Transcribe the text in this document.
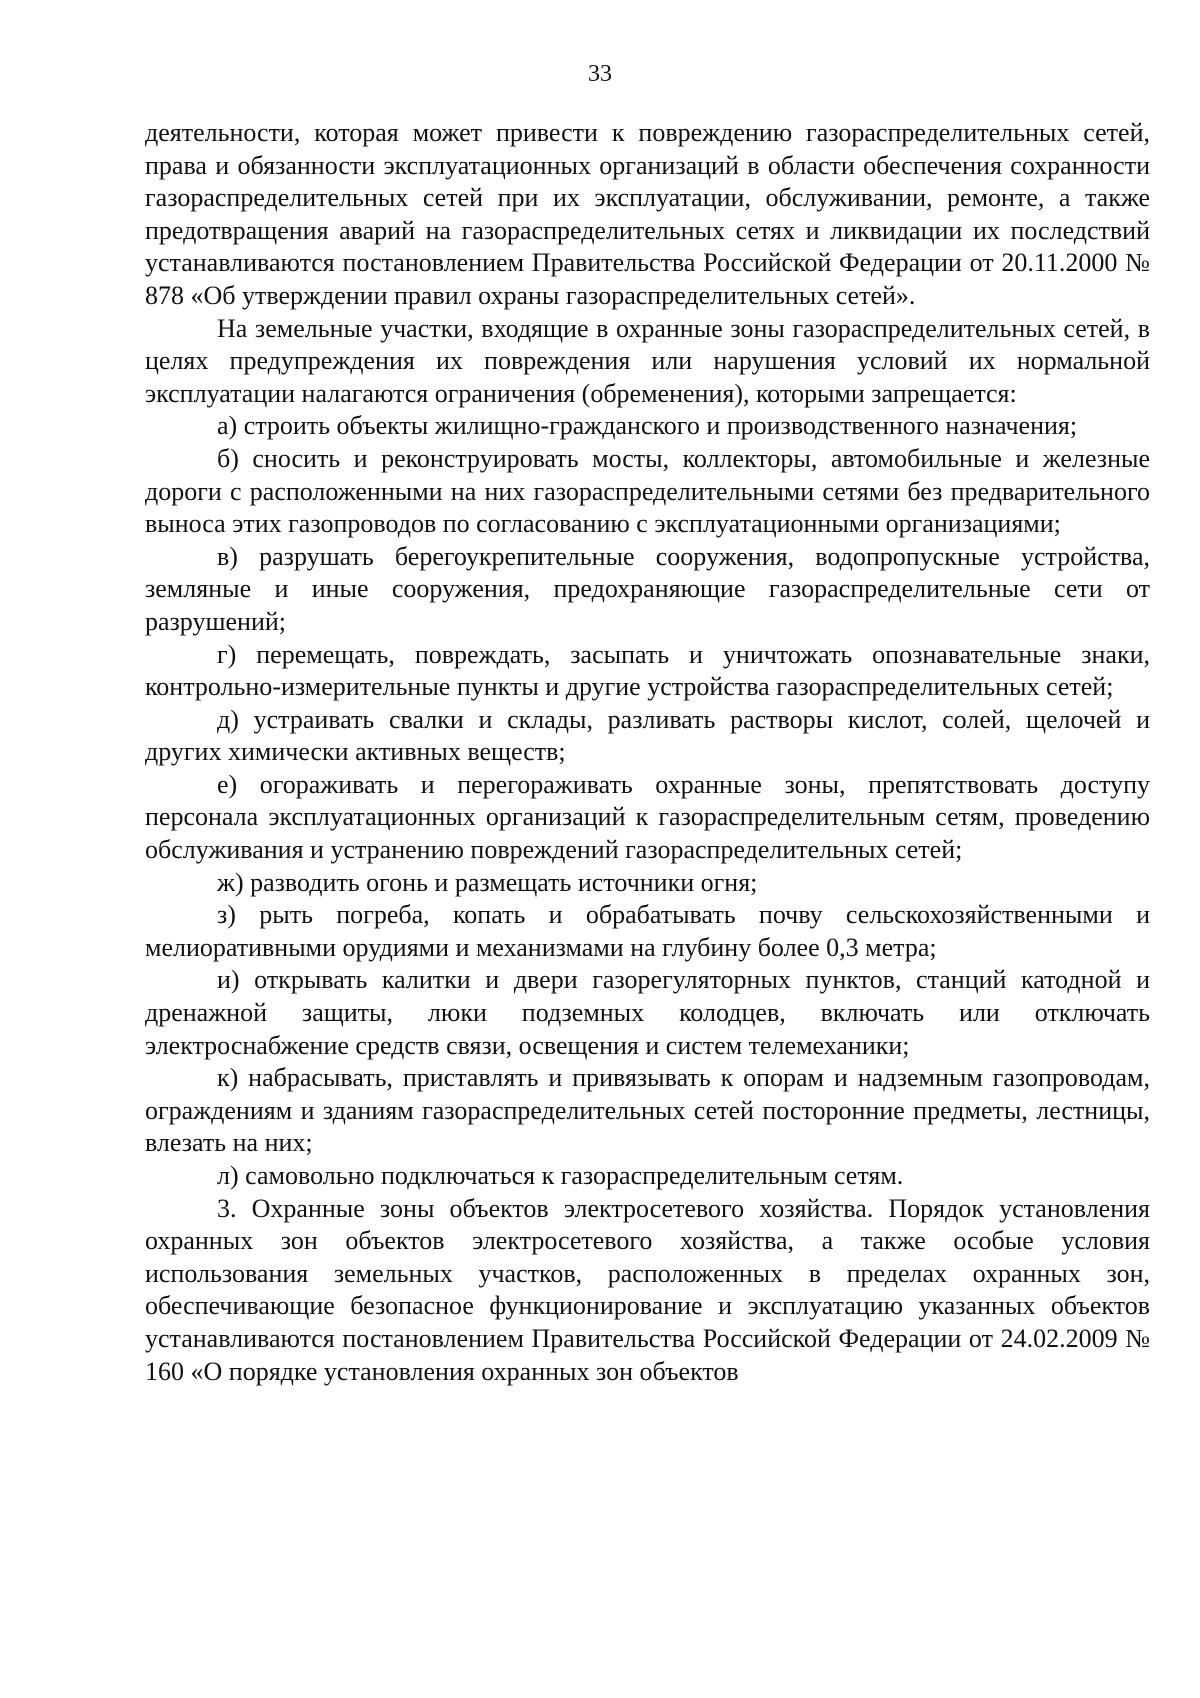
33

деятельности, которая может привести к повреждению газораспределительных сетей, права и обязанности эксплуатационных организаций в области обеспечения сохранности газораспределительных сетей при их эксплуатации, обслуживании, ремонте, а также предотвращения аварий на газораспределительных сетях и ликвидации их последствий устанавливаются постановлением Правительства Российской Федерации от 20.11.2000 № 878 «Об утверждении правил охраны газораспределительных сетей».

На земельные участки, входящие в охранные зоны газораспределительных сетей, в целях предупреждения их повреждения или нарушения условий их нормальной эксплуатации налагаются ограничения (обременения), которыми запрещается:

а) строить объекты жилищно-гражданского и производственного назначения;

б) сносить и реконструировать мосты, коллекторы, автомобильные и железные дороги с расположенными на них газораспределительными сетями без предварительного выноса этих газопроводов по согласованию с эксплуатационными организациями;

в) разрушать берегоукрепительные сооружения, водопропускные устройства, земляные и иные сооружения, предохраняющие газораспределительные сети от разрушений;

г) перемещать, повреждать, засыпать и уничтожать опознавательные знаки, контрольно-измерительные пункты и другие устройства газораспределительных сетей;

д) устраивать свалки и склады, разливать растворы кислот, солей, щелочей и других химически активных веществ;

е) огораживать и перегораживать охранные зоны, препятствовать доступу персонала эксплуатационных организаций к газораспределительным сетям, проведению обслуживания и устранению повреждений газораспределительных сетей;

ж) разводить огонь и размещать источники огня;

з) рыть погреба, копать и обрабатывать почву сельскохозяйственными и мелиоративными орудиями и механизмами на глубину более 0,3 метра;

и) открывать калитки и двери газорегуляторных пунктов, станций катодной и дренажной защиты, люки подземных колодцев, включать или отключать электроснабжение средств связи, освещения и систем телемеханики;

к) набрасывать, приставлять и привязывать к опорам и надземным газопроводам, ограждениям и зданиям газораспределительных сетей посторонние предметы, лестницы, влезать на них;

л) самовольно подключаться к газораспределительным сетям.

3. Охранные зоны объектов электросетевого хозяйства. Порядок установления охранных зон объектов электросетевого хозяйства, а также особые условия использования земельных участков, расположенных в пределах охранных зон, обеспечивающие безопасное функционирование и эксплуатацию указанных объектов устанавливаются постановлением Правительства Российской Федерации от 24.02.2009 № 160 «О порядке установления охранных зон объектов
